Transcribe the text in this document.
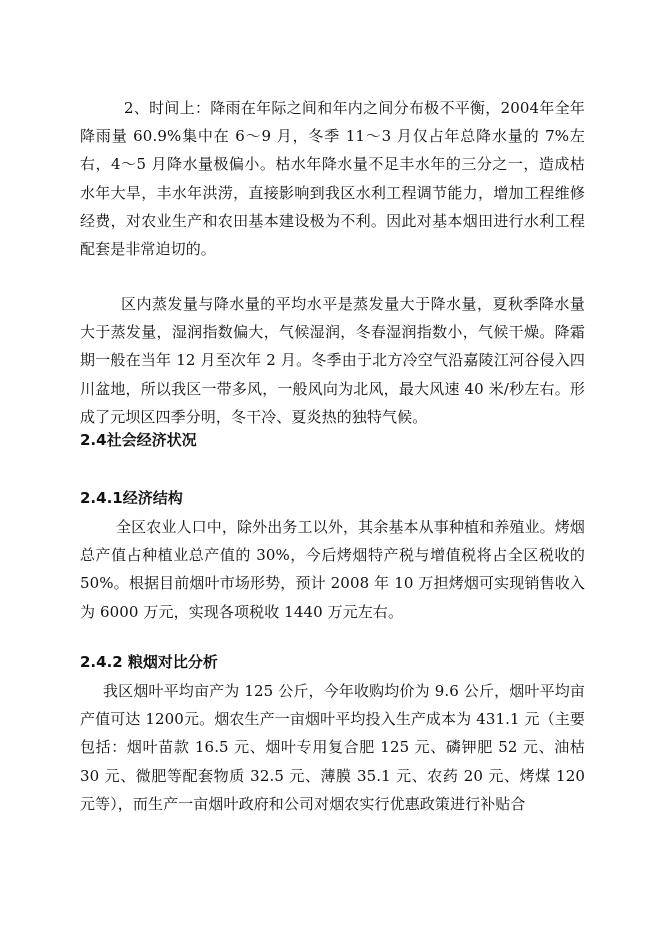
2、时间上：降雨在年际之间和年内之间分布极不平衡，2004年全年降雨量 60.9%集中在 6～9 月，冬季 11～3 月仅占年总降水量的 7%左右，4～5 月降水量极偏小。枯水年降水量不足丰水年的三分之一，造成枯水年大旱，丰水年洪涝，直接影响到我区水利工程调节能力，增加工程维修经费，对农业生产和农田基本建设极为不利。因此对基本烟田进行水利工程配套是非常迫切的。

区内蒸发量与降水量的平均水平是蒸发量大于降水量，夏秋季降水量大于蒸发量，湿润指数偏大，气候湿润，冬春湿润指数小，气候干燥。降霜期一般在当年 12 月至次年 2 月。冬季由于北方冷空气沿嘉陵江河谷侵入四川盆地，所以我区一带多风，一般风向为北风，最大风速 40 米/秒左右。形成了元坝区四季分明，冬干冷、夏炎热的独特气候。

2.4社会经济状况
2.4.1经济结构

全区农业人口中，除外出务工以外，其余基本从事种植和养殖业。烤烟总产值占种植业总产值的 30%，今后烤烟特产税与增值税将占全区税收的 50%。根据目前烟叶市场形势，预计 2008 年 10 万担烤烟可实现销售收入为 6000 万元，实现各项税收 1440 万元左右。

2.4.2 粮烟对比分析

我区烟叶平均亩产为 125 公斤，今年收购均价为 9.6 公斤，烟叶平均亩产值可达 1200元。烟农生产一亩烟叶平均投入生产成本为 431.1 元（主要包括：烟叶苗款 16.5 元、烟叶专用复合肥 125 元、磷钾肥 52 元、油枯 30 元、微肥等配套物质 32.5 元、薄膜 35.1 元、农药 20 元、烤煤 120 元等），而生产一亩烟叶政府和公司对烟农实行优惠政策进行补贴合
